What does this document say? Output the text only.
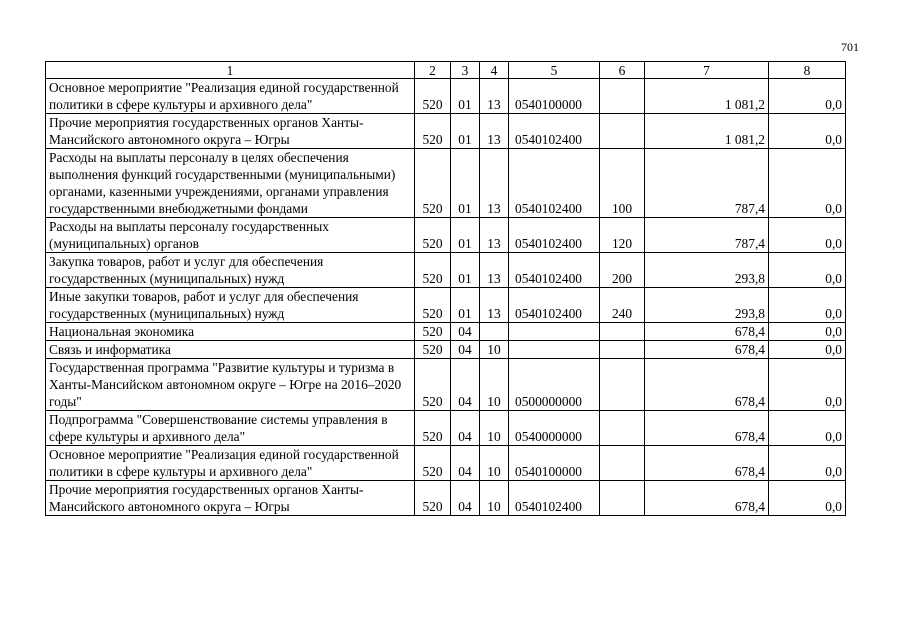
701
1	2	3	4	5	6	7	8
Основное мероприятие "Реализация единой государственной политики в сфере культуры и архивного дела"	520	01	13	0540100000		1 081,2	0,0
Прочие мероприятия государственных органов Ханты-Мансийского автономного округа – Югры	520	01	13	0540102400		1 081,2	0,0
Расходы на выплаты персоналу в целях обеспечения выполнения функций государственными (муниципальными) органами, казенными учреждениями, органами управления государственными внебюджетными фондами	520	01	13	0540102400	100	787,4	0,0
Расходы на выплаты персоналу государственных (муниципальных) органов	520	01	13	0540102400	120	787,4	0,0
Закупка товаров, работ и услуг для обеспечения государственных (муниципальных) нужд	520	01	13	0540102400	200	293,8	0,0
Иные закупки товаров, работ и услуг для обеспечения государственных (муниципальных) нужд	520	01	13	0540102400	240	293,8	0,0
Национальная экономика	520	04				678,4	0,0
Связь и информатика	520	04	10			678,4	0,0
Государственная программа "Развитие культуры и туризма в Ханты-Мансийском автономном округе – Югре на 2016–2020 годы"	520	04	10	0500000000		678,4	0,0
Подпрограмма "Совершенствование системы управления в сфере культуры и архивного дела"	520	04	10	0540000000		678,4	0,0
Основное мероприятие "Реализация единой государственной политики в сфере культуры и архивного дела"	520	04	10	0540100000		678,4	0,0
Прочие мероприятия государственных органов Ханты-Мансийского автономного округа – Югры	520	04	10	0540102400		678,4	0,0
